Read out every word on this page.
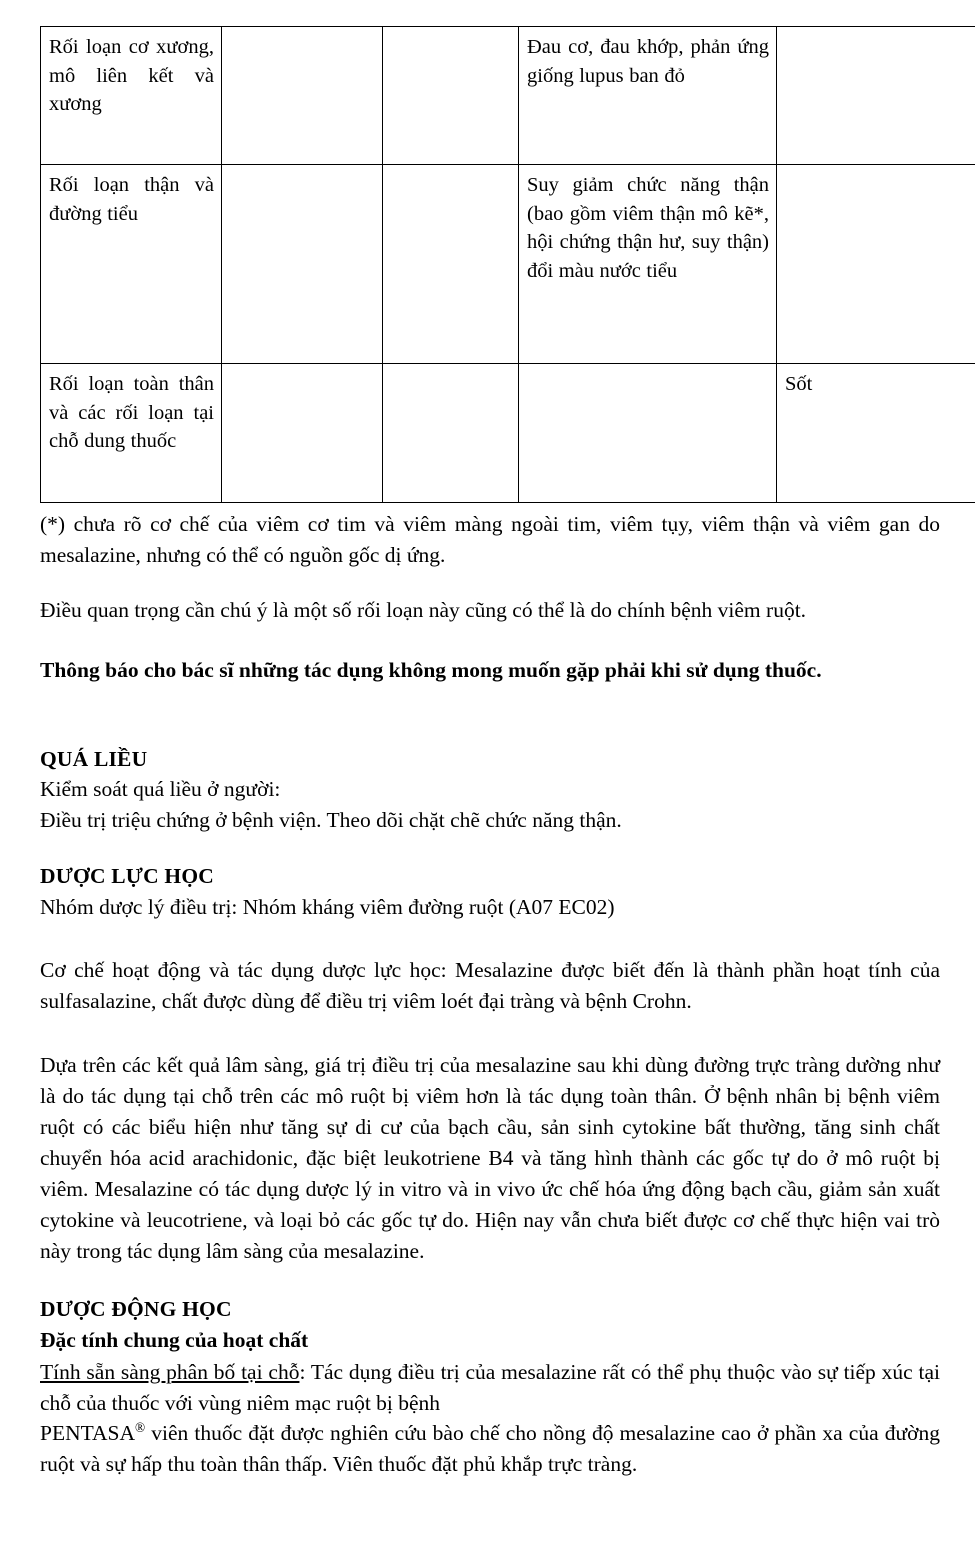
Rối loạn cơ xương, mô liên kết và xương			Đau cơ, đau khớp, phản ứng giống lupus ban đỏ	
Rối loạn thận và đường tiểu			Suy giảm chức năng thận (bao gồm viêm thận mô kẽ*, hội chứng thận hư, suy thận) đổi màu nước tiểu	
Rối loạn toàn thân và các rối loạn tại chỗ dung thuốc				Sốt
(*) chưa rõ cơ chế của viêm cơ tim và viêm màng ngoài tim, viêm tụy, viêm thận và viêm gan do mesalazine, nhưng có thể có nguồn gốc dị ứng.
Điều quan trọng cần chú ý là một số rối loạn này cũng có thể là do chính bệnh viêm ruột.
Thông báo cho bác sĩ những tác dụng không mong muốn gặp phải khi sử dụng thuốc.
QUÁ LIỀU
Kiểm soát quá liều ở người:
Điều trị triệu chứng ở bệnh viện. Theo dõi chặt chẽ chức năng thận.
DƯỢC LỰC HỌC
Nhóm dược lý điều trị: Nhóm kháng viêm đường ruột (A07 EC02)
Cơ chế hoạt động và tác dụng dược lực học: Mesalazine được biết đến là thành phần hoạt tính của sulfasalazine, chất được dùng để điều trị viêm loét đại tràng và bệnh Crohn.
Dựa trên các kết quả lâm sàng, giá trị điều trị của mesalazine sau khi dùng đường trực tràng dường như là do tác dụng tại chỗ trên các mô ruột bị viêm hơn là tác dụng toàn thân. Ở bệnh nhân bị bệnh viêm ruột có các biểu hiện như tăng sự di cư của bạch cầu, sản sinh cytokine bất thường, tăng sinh chất chuyển hóa acid arachidonic, đặc biệt leukotriene B4 và tăng hình thành các gốc tự do ở mô ruột bị viêm. Mesalazine có tác dụng dược lý in vitro và in vivo ức chế hóa ứng động bạch cầu, giảm sản xuất cytokine và leucotriene, và loại bỏ các gốc tự do. Hiện nay vẫn chưa biết được cơ chế thực hiện vai trò này trong tác dụng lâm sàng của mesalazine.
DƯỢC ĐỘNG HỌC
Đặc tính chung của hoạt chất
Tính sẵn sàng phân bố tại chỗ: Tác dụng điều trị của mesalazine rất có thể phụ thuộc vào sự tiếp xúc tại chỗ của thuốc với vùng niêm mạc ruột bị bệnh
PENTASA® viên thuốc đặt được nghiên cứu bào chế cho nồng độ mesalazine cao ở phần xa của đường ruột và sự hấp thu toàn thân thấp. Viên thuốc đặt phủ khắp trực tràng.
